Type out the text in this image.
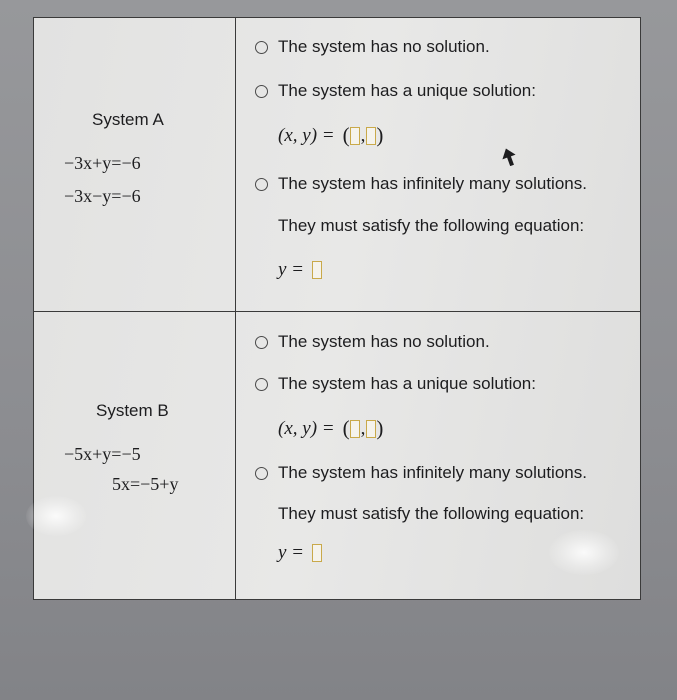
System A
−3x+y=−6
−3x−y=−6
The system has no solution.
The system has a unique solution:
(x, y) = ( , )
The system has infinitely many solutions.
They must satisfy the following equation:
y =
System B
−5x+y=−5
5x=−5+y
The system has no solution.
The system has a unique solution:
(x, y) = ( , )
The system has infinitely many solutions.
They must satisfy the following equation:
y =
